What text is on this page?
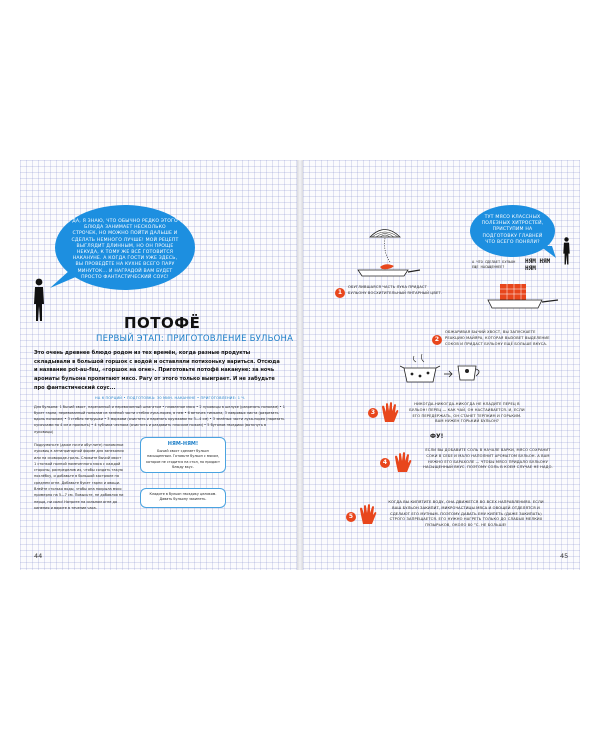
ДА, Я ЗНАЮ, ЧТО ОБЫЧНО РЕДКО ЭТОГО БЛЮДА ЗАНИМАЕТ НЕСКОЛЬКО СТРОЧЕК, НО МОЖНО ПОЙТИ ДАЛЬШЕ И СДЕЛАТЬ НЕМНОГО ЛУЧШЕ! МОЙ РЕЦЕПТ ВЫГЛЯДИТ ДЛИННЫМ, НО ОН ПРОЩЕ НЕКУДА, К ТОМУ ЖЕ ВСЁ ГОТОВИТСЯ НАКАНУНЕ. А КОГДА ГОСТИ УЖЕ ЗДЕСЬ, ВЫ ПРОВЕДЁТЕ НА КУХНЕ ВСЕГО ПАРУ МИНУТОК... И НАГРАДОЙ ВАМ БУДЕТ ПРОСТО ФАНТАСТИЧЕСКИЙ СОУС!

ПОТОФЁ
ПЕРВЫЙ ЭТАП: ПРИГОТОВЛЕНИЕ БУЛЬОНА
Это очень древнее блюдо родом из тех времён, когда разные продукты складывали в большой горшок с водой и оставляли потихоньку вариться. Отсюда и название pot-au-feu, «горшок на огне». Приготовьте потофё накануне: за ночь ароматы бульона пропитают мясо. Рагу от этого только выиграет. И не забудьте про фантастический соус...
НА 6 ПОРЦИЙ • ПОДГОТОВКА: 30 МИН. НАКАНУНЕ • ПРИГОТОВЛЕНИЕ: 1 Ч.
Для бульона: 1 бычий хвост, нарезанный и перевязанный шпагатом • плавленое мясо • 2 луковицы в шелухе (разрезать пополам) • 1 букет гарни, перевязанный пополам из зелёной части стебля лука-порея, в нем • 6 веточек тимьяна, 3 лавровых листа (разрезать вдоль пополам) • 3 стебля петрушки • 3 моркови (очистить и нарезать кружками по 3—4 см) • 3 зелёных части лука-порея (нарезать кусочками по 4 см и промыть) • 4 зубчика чеснока (очистить и раздавить плоским ножом) • 5 бутонов гвоздики (воткнуть в луковицы)
Подрумяньте (даже почти обуглите) половинки луковиц в антипригарной форме для запекания или на сковороде-гриль. Сложите бычий хвост 1 стопкой полной помеченного мяса с каждой стороны, распределив их, чтобы создать такую похлёбку, и добавьте в большой кастрюле на среднем огне. Добавьте букет гарни и овощи. Влейте столько воды, чтобы она покрыла мясо примерно на 5—7 см. Повысьте, не добавляя ни перца, ни соли! Натрите на сильном огне до кипения и варите в течение часа.
НЯМ-НЯМ!
Бычий хвост сделает бульон насыщенным. Готовьте бульон с мясом, которое не сгодится на стол, но придаст блюду вкус.
Кладите в бульон гвоздику целиком. Давать бульону закипеть.
44

ТУТ МЯСО КЛАССНЫХ ПОЛЕЗНЫХ ХИТРОСТЕЙ, ПРИСТУПИМ НА ПОДГОТОВКУ ГЛАВНЕЙ ЧТО ВСЕГО ПОНЯЛИ?

1
ОБУГЛИВШАЯСЯ ЧАСТЬ ЛУКА ПРИДАСТ БУЛЬОНУ ВОСХИТИТЕЛЬНЫЙ ЯНТАРНЫЙ ЦВЕТ.
НЯМ НЯМ НЯМ
А ЧТО СДЕЛАЕТ БУЛЬОН ЕЩЕ НАСЫЩЕННЕЕ?
2
ОБЖАРИВАЯ БЫЧИЙ ХВОСТ, ВЫ ЗАПУСКАЕТЕ РЕАКЦИЮ МАЙЯРА, КОТОРАЯ ВЫЗОВЕТ ВЫДЕЛЕНИЕ СОКОВ И ПРИДАСТ БУЛЬОНУ ЕЩЁ БОЛЬШЕ ВКУСА.
3
НИКОГДА-НИКОГДА-НИКОГДА НЕ КЛАДИТЕ ПЕРЕЦ В БУЛЬОН! ПЕРЕЦ — КАК ЧАЙ, ОН НАСТАИВАЕТСЯ. И, ЕСЛИ ЕГО ПЕРЕДЕРЖАТЬ, ОН СТАНЕТ ТЕРПКИМ И ГОРЬКИМ. ВАМ НУЖЕН ГОРЬКИЙ БУЛЬОН?
ФУ!
4
ЕСЛИ ВЫ ДОБАВИТЕ СОЛЬ В НАЧАЛЕ ВАРКИ, МЯСО СОХРАНИТ СОКИ В СЕБЕ И МАЛО НАПОЛНИТ АРОМАТОМ БУЛЬОН. А ВАМ НУЖНО ЕГО БАРАХОЛЕ — ЧТОБЫ МЯСО ПРИДАЛО БУЛЬОНУ НАСЫЩЕННЫЙ ВКУС. ПОЭТОМУ СОЛЬ В КОЕМ СЛУЧАЕ НЕ НАДО.
5
КОГДА ВЫ КИПЯТИТЕ ВОДУ, ОНА ДВИЖЕТСЯ ВО ВСЕХ НАПРАВЛЕНИЯХ. ЕСЛИ ВАШ БУЛЬОН ЗАКИПИТ, МИКРОЧАСТИЦЫ МЯСА И ОВОЩЕЙ ОТДЕЛЯТСЯ И СДЕЛАЮТ ЕГО МУТНЫМ. ПОЭТОМУ ДАВАТЬ ЕМУ КИПЕТЬ (ДАЖЕ ЗАКИПАТЬ) СТРОГО ЗАПРЕЩАЕТСЯ. ЕГО НУЖНО НАГРЕТЬ ТОЛЬКО ДО СЛАБЫХ МЕЛКИХ ПУЗЫРЬКОВ, ОКОЛО 80 °С. НЕ БОЛЬШЕ!
45
